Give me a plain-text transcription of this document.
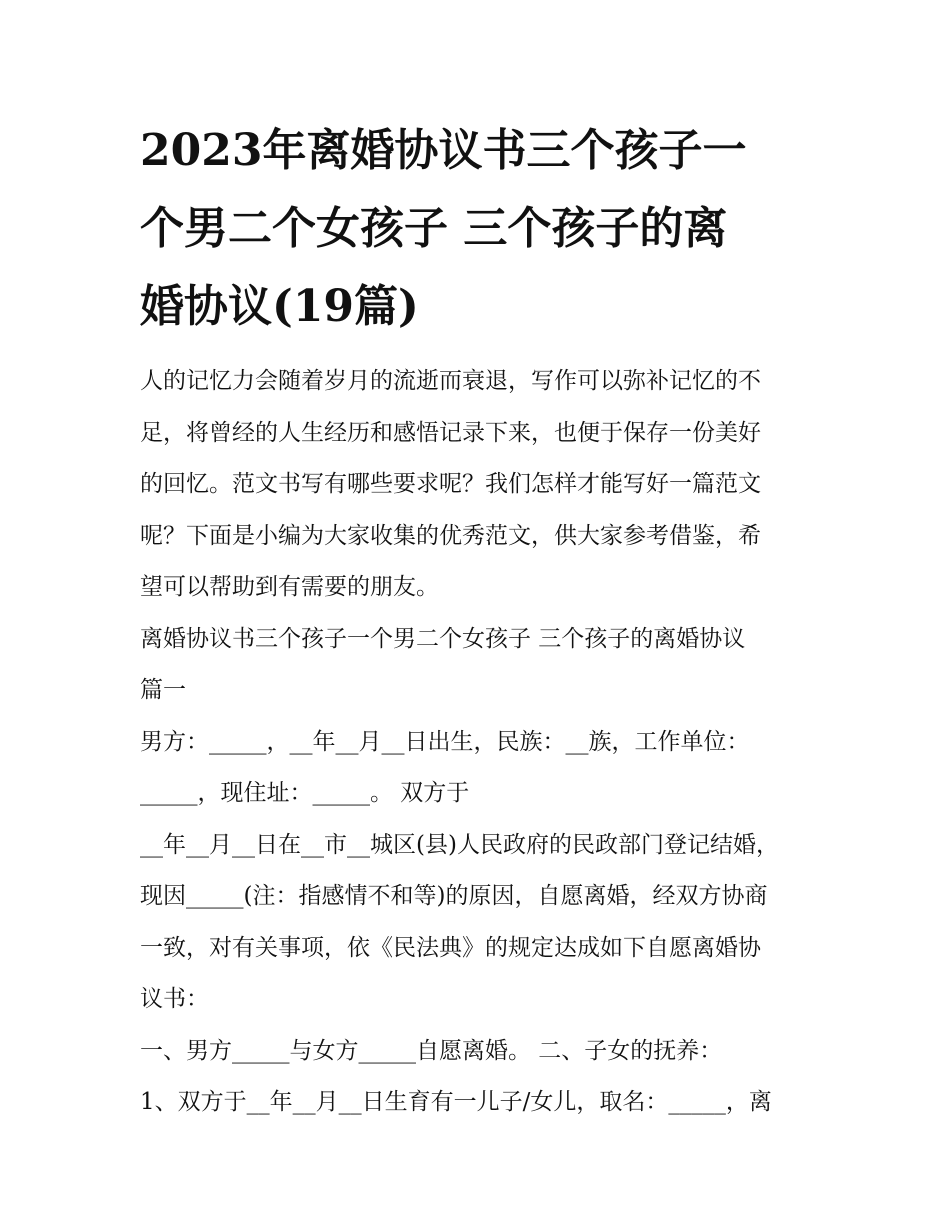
2023年离婚协议书三个孩子一
个男二个女孩子 三个孩子的离
婚协议(19篇)
人的记忆力会随着岁月的流逝而衰退，写作可以弥补记忆的不
足，将曾经的人生经历和感悟记录下来，也便于保存一份美好
的回忆。范文书写有哪些要求呢？我们怎样才能写好一篇范文
呢？下面是小编为大家收集的优秀范文，供大家参考借鉴，希
望可以帮助到有需要的朋友。
离婚协议书三个孩子一个男二个女孩子 三个孩子的离婚协议
篇一
男方：_____，__年__月__日出生，民族：__族，工作单位：
_____，现住址：_____。 双方于
__年__月__日在__市__城区(县)人民政府的民政部门登记结婚，
现因_____(注：指感情不和等)的原因，自愿离婚，经双方协商
一致，对有关事项，依《民法典》的规定达成如下自愿离婚协
议书：
一、男方_____与女方_____自愿离婚。 二、子女的抚养：
1、双方于__年__月__日生育有一儿子/女儿，取名：_____，离
